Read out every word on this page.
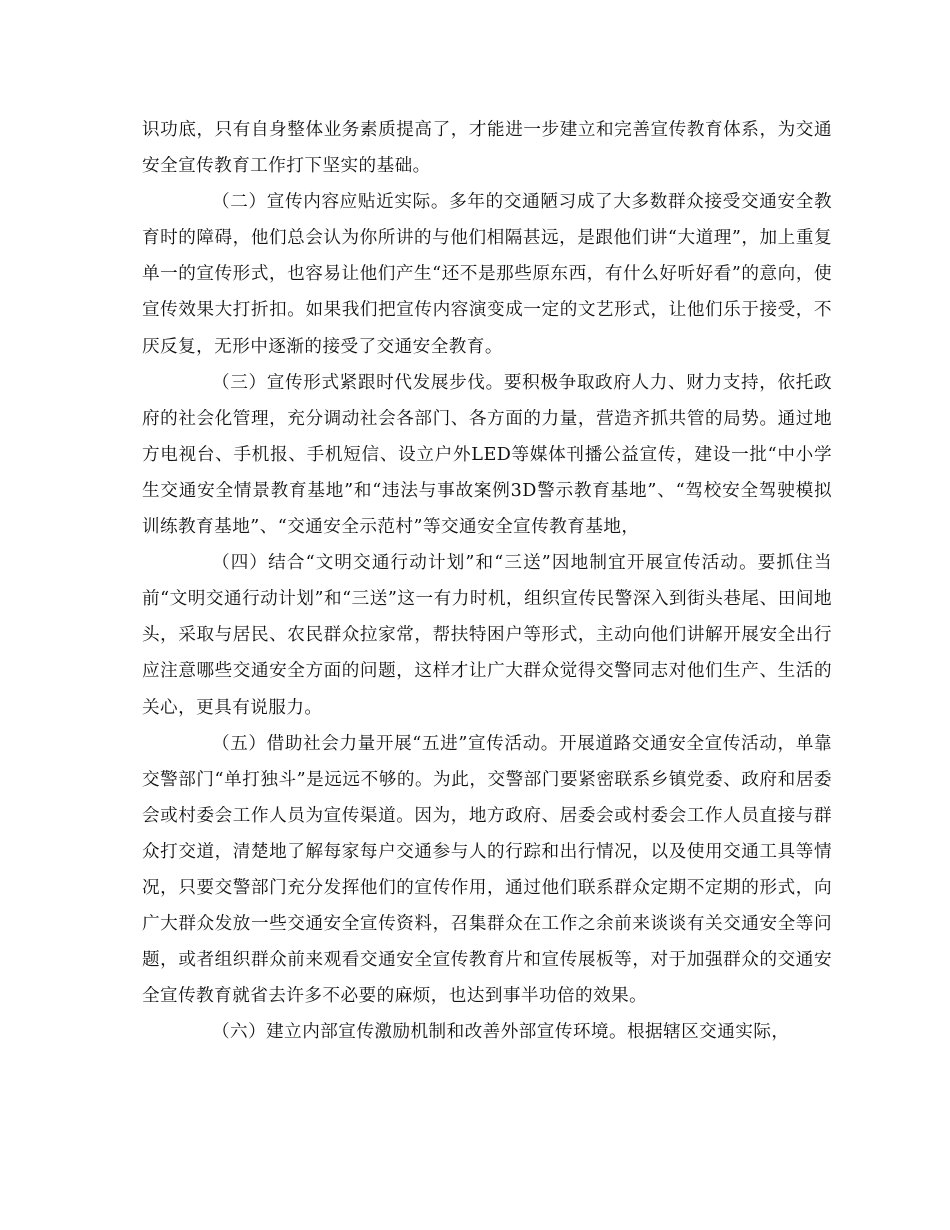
识功底，只有自身整体业务素质提高了，才能进一步建立和完善宣传教育体系，为交通安全宣传教育工作打下坚实的基础。

（二）宣传内容应贴近实际。多年的交通陋习成了大多数群众接受交通安全教育时的障碍，他们总会认为你所讲的与他们相隔甚远，是跟他们讲“大道理”，加上重复单一的宣传形式，也容易让他们产生“还不是那些原东西，有什么好听好看”的意向，使宣传效果大打折扣。如果我们把宣传内容演变成一定的文艺形式，让他们乐于接受，不厌反复，无形中逐渐的接受了交通安全教育。

（三）宣传形式紧跟时代发展步伐。要积极争取政府人力、财力支持，依托政府的社会化管理，充分调动社会各部门、各方面的力量，营造齐抓共管的局势。通过地方电视台、手机报、手机短信、设立户外LED等媒体刊播公益宣传，建设一批“中小学生交通安全情景教育基地”和“违法与事故案例3D警示教育基地”、“驾校安全驾驶模拟训练教育基地”、“交通安全示范村”等交通安全宣传教育基地，

（四）结合“文明交通行动计划”和“三送”因地制宜开展宣传活动。要抓住当前“文明交通行动计划”和“三送”这一有力时机，组织宣传民警深入到街头巷尾、田间地头，采取与居民、农民群众拉家常，帮扶特困户等形式，主动向他们讲解开展安全出行应注意哪些交通安全方面的问题，这样才让广大群众觉得交警同志对他们生产、生活的关心，更具有说服力。

（五）借助社会力量开展“五进”宣传活动。开展道路交通安全宣传活动，单靠交警部门“单打独斗”是远远不够的。为此，交警部门要紧密联系乡镇党委、政府和居委会或村委会工作人员为宣传渠道。因为，地方政府、居委会或村委会工作人员直接与群众打交道，清楚地了解每家每户交通参与人的行踪和出行情况，以及使用交通工具等情况，只要交警部门充分发挥他们的宣传作用，通过他们联系群众定期不定期的形式，向广大群众发放一些交通安全宣传资料，召集群众在工作之余前来谈谈有关交通安全等问题，或者组织群众前来观看交通安全宣传教育片和宣传展板等，对于加强群众的交通安全宣传教育就省去许多不必要的麻烦，也达到事半功倍的效果。

（六）建立内部宣传激励机制和改善外部宣传环境。根据辖区交通实际，
